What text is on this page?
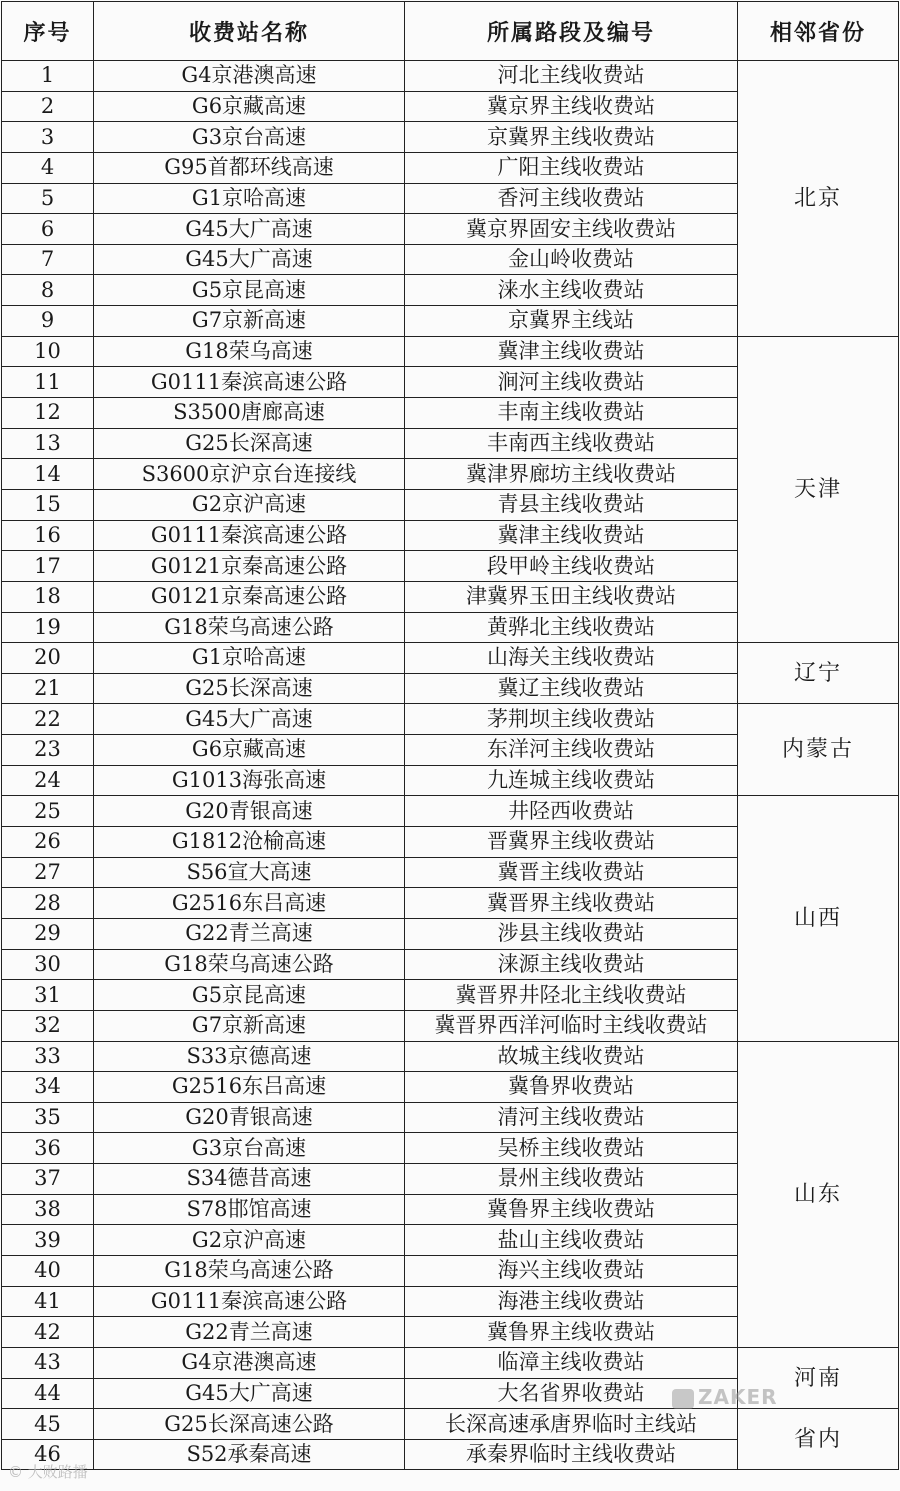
序号	收费站名称	所属路段及编号	相邻省份
1	G4京港澳高速	河北主线收费站	北京
2	G6京藏高速	冀京界主线收费站	
3	G3京台高速	京冀界主线收费站	
4	G95首都环线高速	广阳主线收费站	
5	G1京哈高速	香河主线收费站	
6	G45大广高速	冀京界固安主线收费站	
7	G45大广高速	金山岭收费站	
8	G5京昆高速	涞水主线收费站	
9	G7京新高速	京冀界主线站	
10	G18荣乌高速	冀津主线收费站	天津
11	G0111秦滨高速公路	涧河主线收费站	
12	S3500唐廊高速	丰南主线收费站	
13	G25长深高速	丰南西主线收费站	
14	S3600京沪京台连接线	冀津界廊坊主线收费站	
15	G2京沪高速	青县主线收费站	
16	G0111秦滨高速公路	冀津主线收费站	
17	G0121京秦高速公路	段甲岭主线收费站	
18	G0121京秦高速公路	津冀界玉田主线收费站	
19	G18荣乌高速公路	黄骅北主线收费站	
20	G1京哈高速	山海关主线收费站	辽宁
21	G25长深高速	冀辽主线收费站	
22	G45大广高速	茅荆坝主线收费站	内蒙古
23	G6京藏高速	东洋河主线收费站	
24	G1013海张高速	九连城主线收费站	
25	G20青银高速	井陉西收费站	山西
26	G1812沧榆高速	晋冀界主线收费站	
27	S56宣大高速	冀晋主线收费站	
28	G2516东吕高速	冀晋界主线收费站	
29	G22青兰高速	涉县主线收费站	
30	G18荣乌高速公路	涞源主线收费站	
31	G5京昆高速	冀晋界井陉北主线收费站	
32	G7京新高速	冀晋界西洋河临时主线收费站	
33	S33京德高速	故城主线收费站	山东
34	G2516东吕高速	冀鲁界收费站	
35	G20青银高速	清河主线收费站	
36	G3京台高速	吴桥主线收费站	
37	S34德昔高速	景州主线收费站	
38	S78邯馆高速	冀鲁界主线收费站	
39	G2京沪高速	盐山主线收费站	
40	G18荣乌高速公路	海兴主线收费站	
41	G0111秦滨高速公路	海港主线收费站	
42	G22青兰高速	冀鲁界主线收费站	
43	G4京港澳高速	临漳主线收费站	河南
44	G45大广高速	大名省界收费站	
45	G25长深高速公路	长深高速承唐界临时主线站	省内
46	S52承秦高速	承秦界临时主线收费站	
© 大败路播
ZAKER
